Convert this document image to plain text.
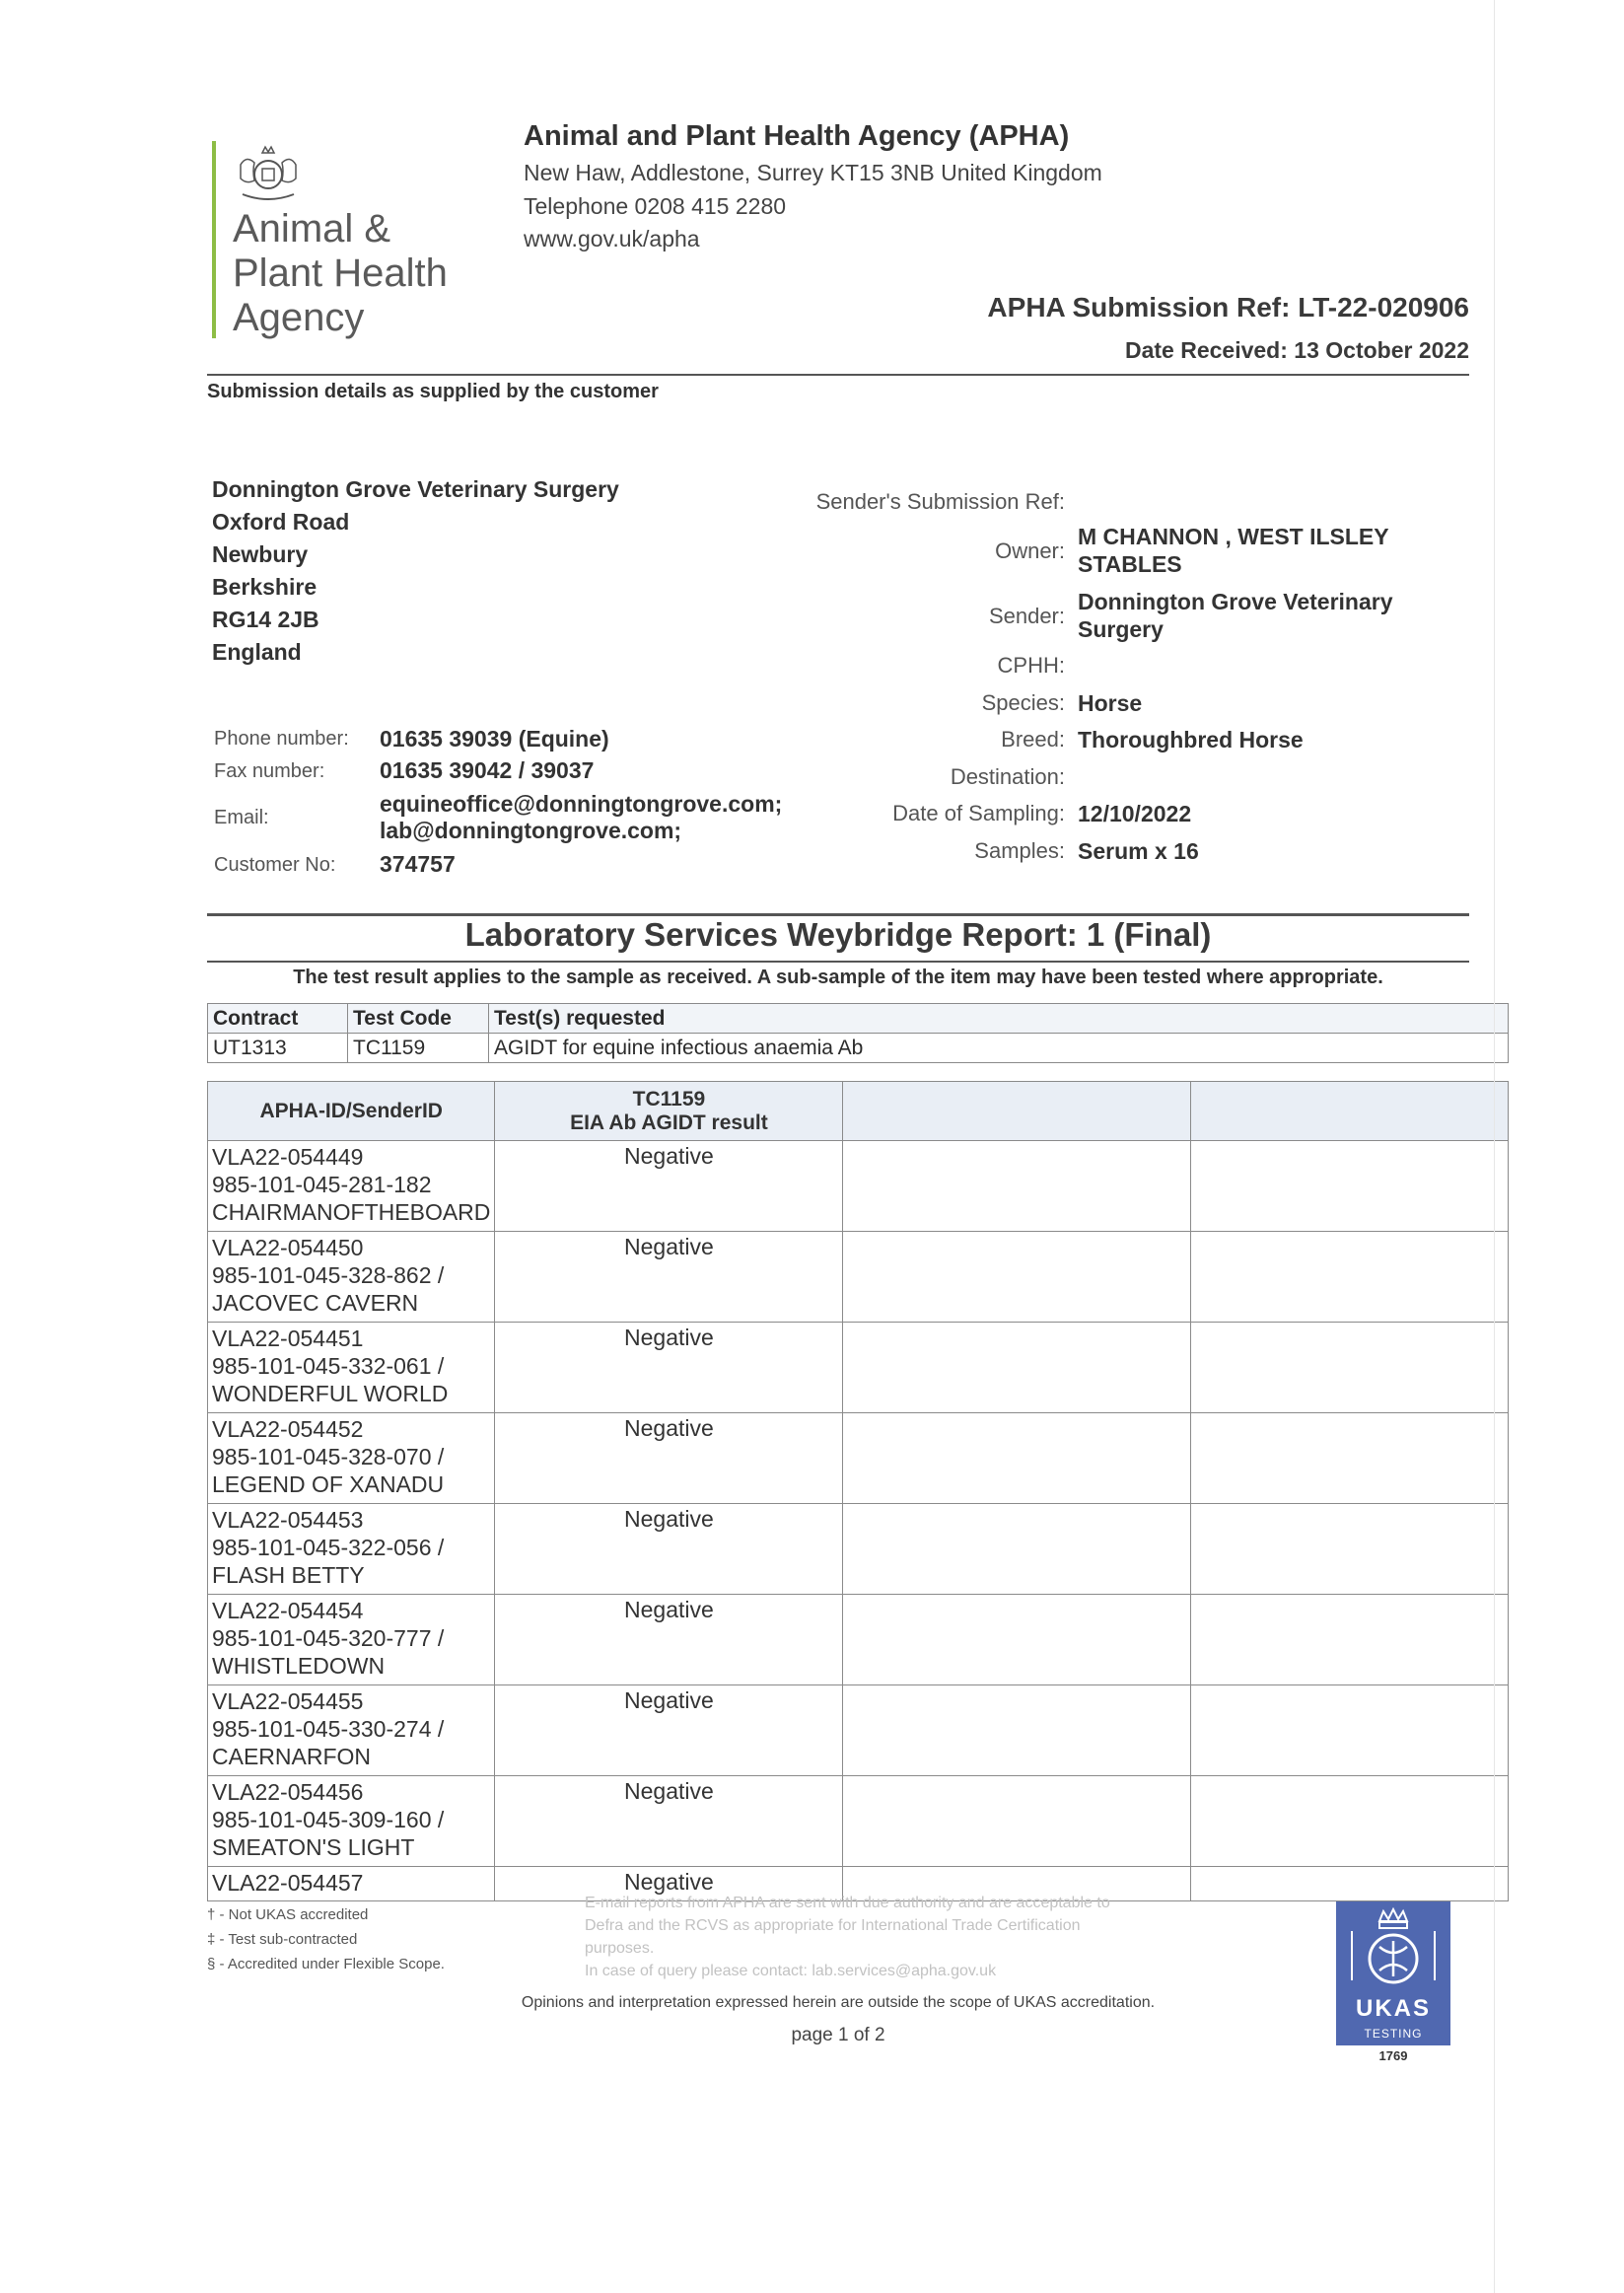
Animal &
Plant Health
Agency
Animal and Plant Health Agency (APHA)
New Haw, Addlestone, Surrey KT15 3NB United Kingdom
Telephone 0208 415 2280
www.gov.uk/apha
APHA Submission Ref: LT-22-020906
Date Received: 13 October 2022
Submission details as supplied by the customer
Donnington Grove Veterinary Surgery
Oxford Road
Newbury
Berkshire
RG14 2JB
England
Phone number: 01635 39039 (Equine)
Fax number: 01635 39042 / 39037
Email:
equineoffice@donningtongrove.com;
lab@donningtongrove.com;
Customer No: 374757
Sender's Submission Ref:
Owner:
M CHANNON , WEST ILSLEY
STABLES
Sender:
Donnington Grove Veterinary
Surgery
CPHH:
Species: Horse
Breed: Thoroughbred Horse
Destination:
Date of Sampling: 12/10/2022
Samples: Serum x 16
Laboratory Services Weybridge Report: 1 (Final)
The test result applies to the sample as received. A sub-sample of the item may have been tested where appropriate.
Contract	Test Code	Test(s) requested
UT1313	TC1159	AGIDT for equine infectious anaemia Ab
APHA-ID/SenderID	TC1159
EIA Ab AGIDT result		

VLA22-054449
985-101-045-281-182
CHAIRMANOFTHEBOARD	Negative		

VLA22-054450
985-101-045-328-862 /
JACOVEC CAVERN	Negative		

VLA22-054451
985-101-045-332-061 /
WONDERFUL WORLD	Negative		

VLA22-054452
985-101-045-328-070 /
LEGEND OF XANADU	Negative		

VLA22-054453
985-101-045-322-056 /
FLASH BETTY	Negative		

VLA22-054454
985-101-045-320-777 /
WHISTLEDOWN	Negative		

VLA22-054455
985-101-045-330-274 /
CAERNARFON	Negative		

VLA22-054456
985-101-045-309-160 /
SMEATON'S LIGHT	Negative		
VLA22-054457	Negative		
† - Not UKAS accredited
‡ - Test sub-contracted
§ - Accredited under Flexible Scope.
E-mail reports from APHA are sent with due authority and are acceptable to
Defra and the RCVS as appropriate for International Trade Certification
purposes.
In case of query please contact: lab.services@apha.gov.uk
Opinions and interpretation expressed herein are outside the scope of UKAS accreditation.
page 1 of 2
UKAS
TESTING
1769
